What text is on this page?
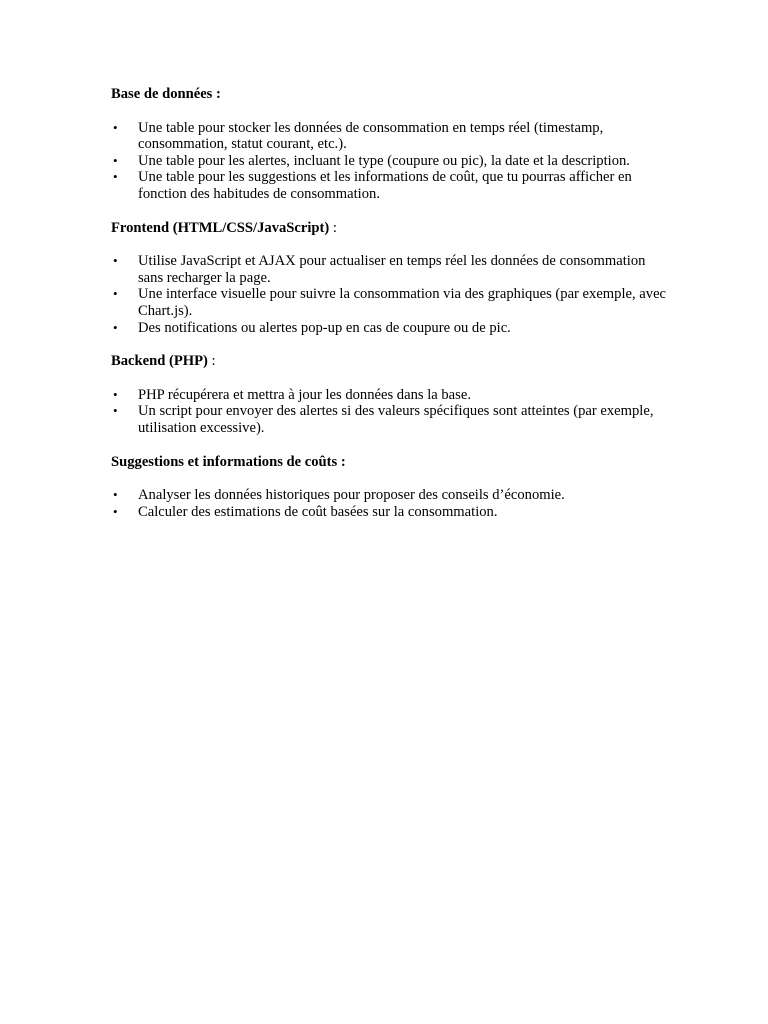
Base de données :

• Une table pour stocker les données de consommation en temps réel (timestamp, consommation, statut courant, etc.).
• Une table pour les alertes, incluant le type (coupure ou pic), la date et la description.
• Une table pour les suggestions et les informations de coût, que tu pourras afficher en fonction des habitudes de consommation.

Frontend (HTML/CSS/JavaScript) :

• Utilise JavaScript et AJAX pour actualiser en temps réel les données de consommation sans recharger la page.
• Une interface visuelle pour suivre la consommation via des graphiques (par exemple, avec Chart.js).
• Des notifications ou alertes pop-up en cas de coupure ou de pic.

Backend (PHP) :

• PHP récupérera et mettra à jour les données dans la base.
• Un script pour envoyer des alertes si des valeurs spécifiques sont atteintes (par exemple, utilisation excessive).

Suggestions et informations de coûts :

• Analyser les données historiques pour proposer des conseils d’économie.
• Calculer des estimations de coût basées sur la consommation.
